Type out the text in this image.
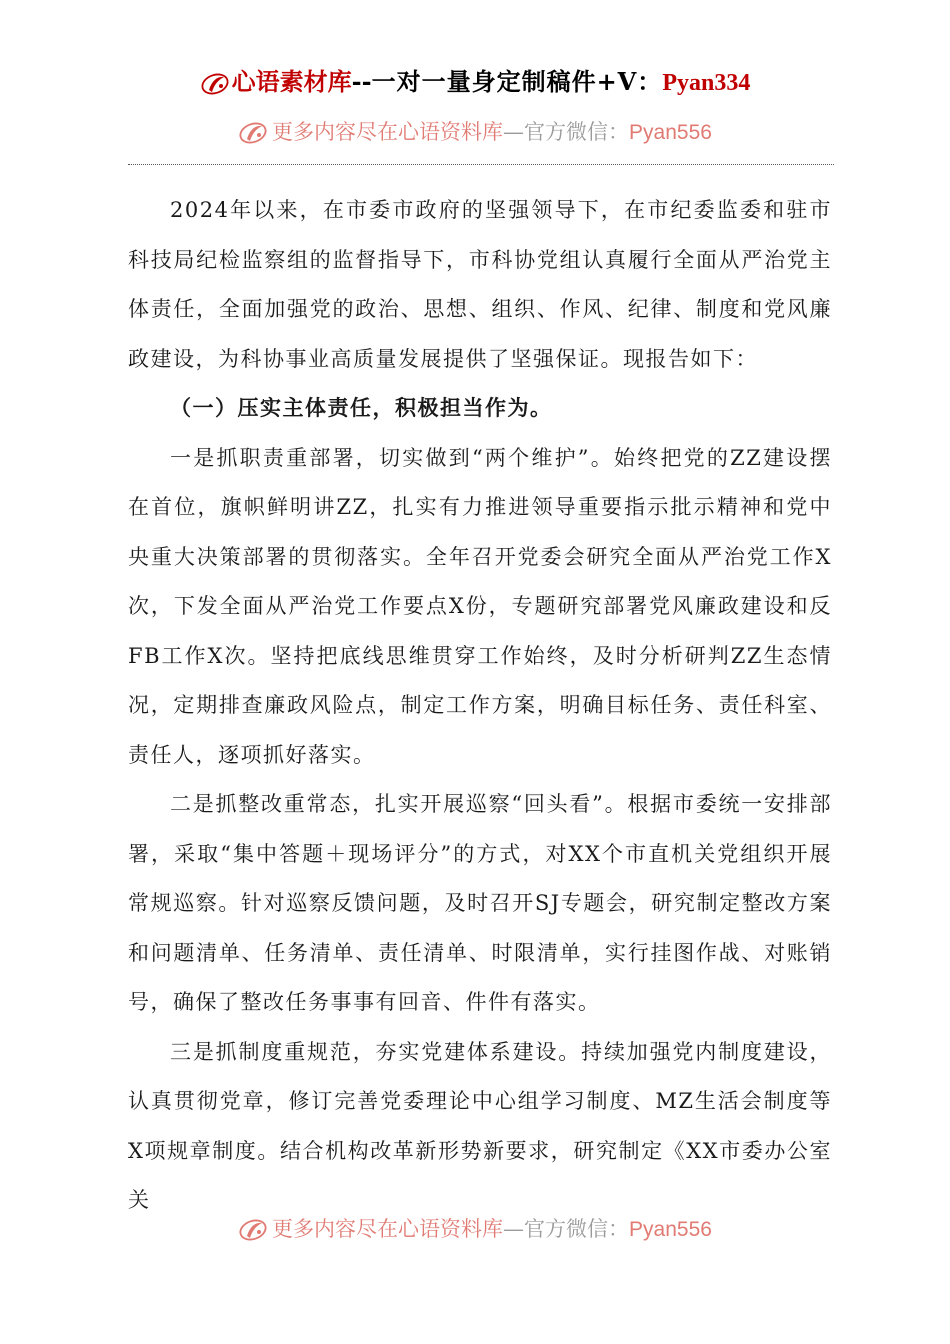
心语素材库--一对一量身定制稿件+V：Pyan334
更多内容尽在心语资料库—官方微信：Pyan556

2024年以来，在市委市政府的坚强领导下，在市纪委监委和驻市科技局纪检监察组的监督指导下，市科协党组认真履行全面从严治党主体责任，全面加强党的政治、思想、组织、作风、纪律、制度和党风廉政建设，为科协事业高质量发展提供了坚强保证。现报告如下：

（一）压实主体责任，积极担当作为。

一是抓职责重部署，切实做到“两个维护”。始终把党的ZZ建设摆在首位，旗帜鲜明讲ZZ，扎实有力推进领导重要指示批示精神和党中央重大决策部署的贯彻落实。全年召开党委会研究全面从严治党工作X次，下发全面从严治党工作要点X份，专题研究部署党风廉政建设和反FB工作X次。坚持把底线思维贯穿工作始终，及时分析研判ZZ生态情况，定期排查廉政风险点，制定工作方案，明确目标任务、责任科室、责任人，逐项抓好落实。

二是抓整改重常态，扎实开展巡察“回头看”。根据市委统一安排部署，采取“集中答题＋现场评分”的方式，对XX个市直机关党组织开展常规巡察。针对巡察反馈问题，及时召开SJ专题会，研究制定整改方案和问题清单、任务清单、责任清单、时限清单，实行挂图作战、对账销号，确保了整改任务事事有回音、件件有落实。

三是抓制度重规范，夯实党建体系建设。持续加强党内制度建设，认真贯彻党章，修订完善党委理论中心组学习制度、MZ生活会制度等X项规章制度。结合机构改革新形势新要求，研究制定《XX市委办公室关

更多内容尽在心语资料库—官方微信：Pyan556
